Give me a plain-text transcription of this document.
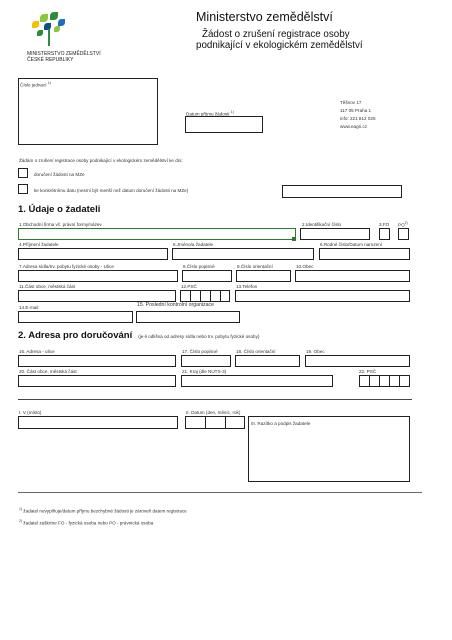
MINISTERSTVO ZEMĚDĚLSTVÍ
ČESKÉ REPUBLIKY
Ministerstvo zemědělství
Žádost o zrušení registrace osoby
podnikající v ekologickém zemědělství
Číslo jednací $^{1)}$
Datum příjmu žádosti $^{1)}$
Těšnov 17
117 05 Praha 1
info: 221 812 025
www.eagri.cz
Žádám o zrušení registrace osoby podnikající v ekologickém zemědělství ke dni:
doručení žádosti na MZe
ke konkrétnímu datu (nesmí být menší než datum doručení žádosti na MZe)
1. Údaje o žadateli
1.Obchodní firma vč. právní formy/název	2.Identifikační číslo	3.FO PO$^{2)}$
4.Příjmení žadatele	5.Jméno/a žadatele	6.Rodné číslo/Datum narození
7.Adresa sídla/trv. pobytu fyzické osoby - Ulice	8.Číslo popisné	9.Číslo orientační	10.Obec
11.Část obce, městská část	12.PSČ	13.Telefon
14.E-mail	15. Poslední kontrolní organizace
2. Adresa pro doručování (je-li odlišná od adresy sídla nebo trv. pobytu fyzické osoby)
16. Adresa - ulice	17. Číslo popisné	18. Číslo orientační	19. Obec
20. Část obce, městská část	21. Kraj (dle NUTS-3)	22. PSČ
I. V (místo)	II. Datum (den, měsíc, rok)
III. Razítko a podpis žadatele
$^{1)}$ žadatel nevyplňuje/datum příjmu bezchybné žádosti je zároveň datem registrace
$^{2)}$ žadatel zaškrtne FO - fyzická osoba nebo PO - právnická osoba
